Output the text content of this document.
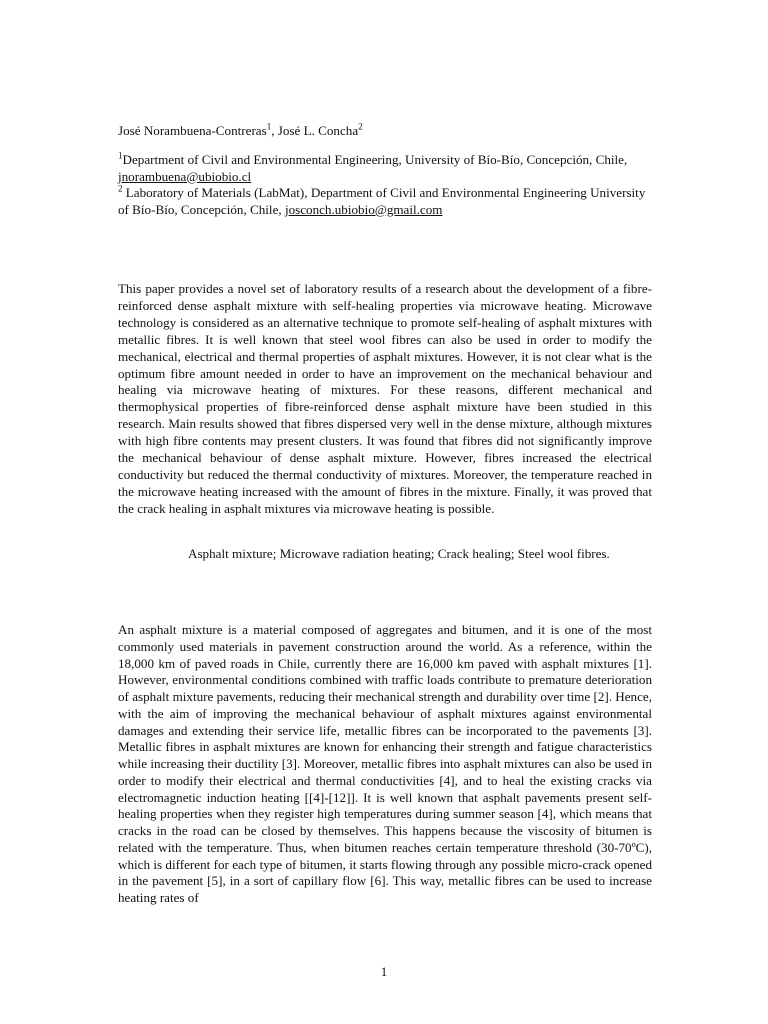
José Norambuena-Contreras$^1$, José L. Concha$^2$

$^1$Department of Civil and Environmental Engineering, University of Bío-Bío, Concepción, Chile, jnorambuena@ubiobio.cl

$^2$ Laboratory of Materials (LabMat), Department of Civil and Environmental Engineering University of Bío-Bío, Concepción, Chile, josconch.ubiobio@gmail.com

This paper provides a novel set of laboratory results of a research about the development of a fibre-reinforced dense asphalt mixture with self-healing properties via microwave heating. Microwave technology is considered as an alternative technique to promote self-healing of asphalt mixtures with metallic fibres. It is well known that steel wool fibres can also be used in order to modify the mechanical, electrical and thermal properties of asphalt mixtures. However, it is not clear what is the optimum fibre amount needed in order to have an improvement on the mechanical behaviour and healing via microwave heating of mixtures. For these reasons, different mechanical and thermophysical properties of fibre-reinforced dense asphalt mixture have been studied in this research. Main results showed that fibres dispersed very well in the dense mixture, although mixtures with high fibre contents may present clusters. It was found that fibres did not significantly improve the mechanical behaviour of dense asphalt mixture. However, fibres increased the electrical conductivity but reduced the thermal conductivity of mixtures. Moreover, the temperature reached in the microwave heating increased with the amount of fibres in the mixture. Finally, it was proved that the crack healing in asphalt mixtures via microwave heating is possible.

Asphalt mixture; Microwave radiation heating; Crack healing; Steel wool fibres.

An asphalt mixture is a material composed of aggregates and bitumen, and it is one of the most commonly used materials in pavement construction around the world. As a reference, within the 18,000 km of paved roads in Chile, currently there are 16,000 km paved with asphalt mixtures [1]. However, environmental conditions combined with traffic loads contribute to premature deterioration of asphalt mixture pavements, reducing their mechanical strength and durability over time [2]. Hence, with the aim of improving the mechanical behaviour of asphalt mixtures against environmental damages and extending their service life, metallic fibres can be incorporated to the pavements [3]. Metallic fibres in asphalt mixtures are known for enhancing their strength and fatigue characteristics while increasing their ductility [3]. Moreover, metallic fibres into asphalt mixtures can also be used in order to modify their electrical and thermal conductivities [4], and to heal the existing cracks via electromagnetic induction heating [[4]-[12]]. It is well known that asphalt pavements present self-healing properties when they register high temperatures during summer season [4], which means that cracks in the road can be closed by themselves. This happens because the viscosity of bitumen is related with the temperature. Thus, when bitumen reaches certain temperature threshold (30-70ºC), which is different for each type of bitumen, it starts flowing through any possible micro-crack opened in the pavement [5], in a sort of capillary flow [6]. This way, metallic fibres can be used to increase heating rates of

1
